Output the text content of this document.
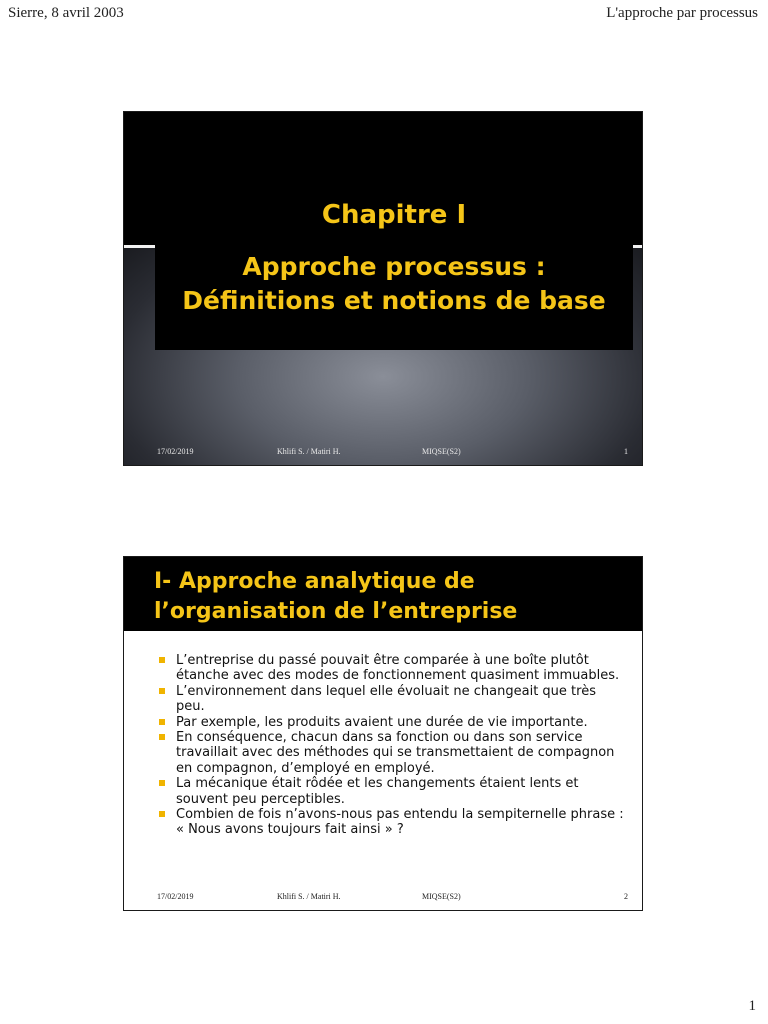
Sierre, 8 avril 2003	L'approche par processus
Chapitre I
Approche processus :
Définitions et notions de base
17/02/2019	Khlifi S. / Matiri H.	MIQSE(S2)	1
I- Approche analytique de
l’organisation de l’entreprise
L’entreprise du passé pouvait être comparée à une boîte plutôt étanche avec des modes de fonctionnement quasiment immuables.
L’environnement dans lequel elle évoluait ne changeait que très peu.
Par exemple, les produits avaient une durée de vie importante.
En conséquence, chacun dans sa fonction ou dans son service travaillait avec des méthodes qui se transmettaient de compagnon en compagnon, d’employé en employé.
La mécanique était rôdée et les changements étaient lents et souvent peu perceptibles.
Combien de fois n’avons-nous pas entendu la sempiternelle phrase : « Nous avons toujours fait ainsi » ?
17/02/2019	Khlifi S. / Matiri H.	MIQSE(S2)	2
1
